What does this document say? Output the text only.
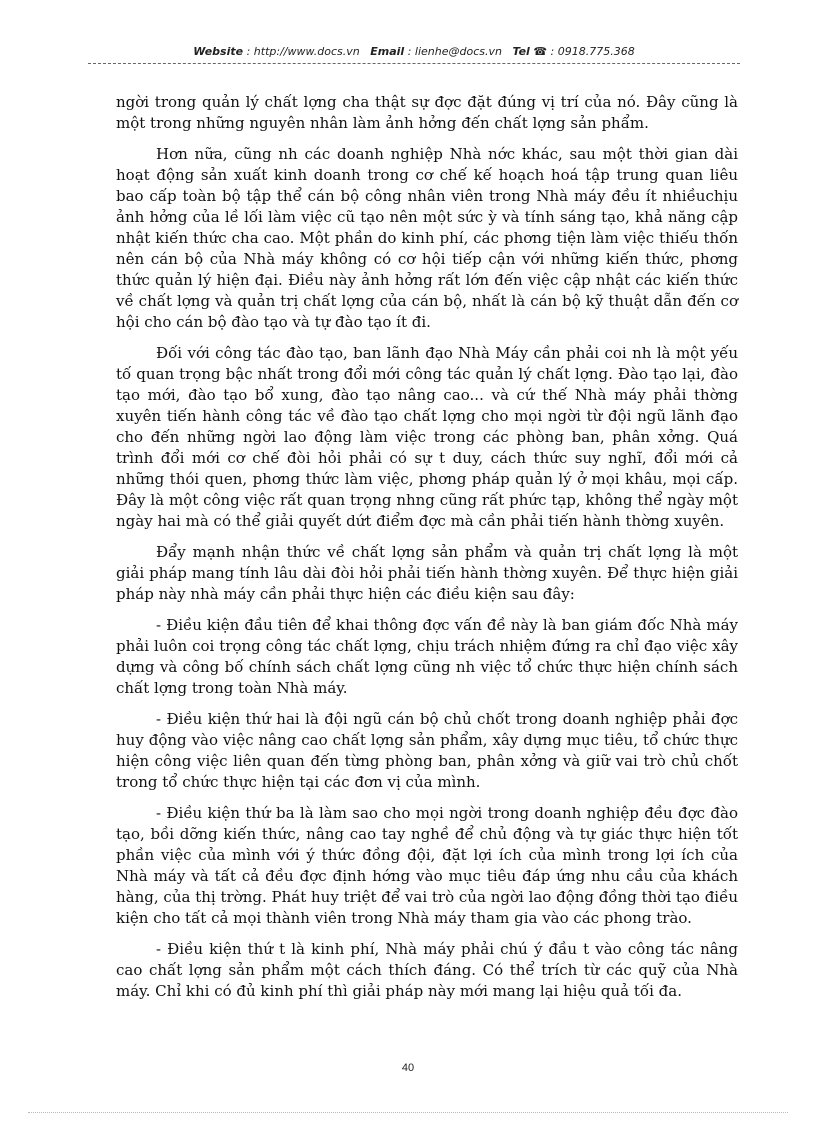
Website : http://www.docs.vn Email : lienhe@docs.vn Tel ☎ : 0918.775.368

ngời trong quản lý chất lợng cha thật sự đợc đặt đúng vị trí của nó. Đây cũng là một trong những nguyên nhân làm ảnh hởng đến chất lợng sản phẩm.

Hơn nữa, cũng nh các doanh nghiệp Nhà nớc khác, sau một thời gian dài hoạt động sản xuất kinh doanh trong cơ chế kế hoạch hoá tập trung quan liêu bao cấp toàn bộ tập thể cán bộ công nhân viên trong Nhà máy đều ít nhiềuchịu ảnh hởng của lề lối làm việc cũ tạo nên một sức ỳ và tính sáng tạo, khả năng cập nhật kiến thức cha cao. Một phần do kinh phí, các phơng tiện làm việc thiếu thốn nên cán bộ của Nhà máy không có cơ hội tiếp cận với những kiến thức, phơng thức quản lý hiện đại. Điều này ảnh hởng rất lớn đến việc cập nhật các kiến thức về chất lợng và quản trị chất lợng của cán bộ, nhất là cán bộ kỹ thuật dẫn đến cơ hội cho cán bộ đào tạo và tự đào tạo ít đi.

Đối với công tác đào tạo, ban lãnh đạo Nhà Máy cần phải coi nh là một yếu tố quan trọng bậc nhất trong đổi mới công tác quản lý chất lợng. Đào tạo lại, đào tạo mới, đào tạo bổ xung, đào tạo nâng cao... và cứ thế Nhà máy phải thờng xuyên tiến hành công tác về đào tạo chất lợng cho mọi ngời từ đội ngũ lãnh đạo cho đến những ngời lao động làm việc trong các phòng ban, phân xởng. Quá trình đổi mới cơ chế đòi hỏi phải có sự t duy, cách thức suy nghĩ, đổi mới cả những thói quen, phơng thức làm việc, phơng pháp quản lý ở mọi khâu, mọi cấp. Đây là một công việc rất quan trọng nhng cũng rất phức tạp, không thể ngày một ngày hai mà có thể giải quyết dứt điểm đợc mà cần phải tiến hành thờng xuyên.

Đẩy mạnh nhận thức về chất lợng sản phẩm và quản trị chất lợng là một giải pháp mang tính lâu dài đòi hỏi phải tiến hành thờng xuyên. Để thực hiện giải pháp này nhà máy cần phải thực hiện các điều kiện sau đây:

- Điều kiện đầu tiên để khai thông đợc vấn đề này là ban giám đốc Nhà máy phải luôn coi trọng công tác chất lợng, chịu trách nhiệm đứng ra chỉ đạo việc xây dựng và công bố chính sách chất lợng cũng nh việc tổ chức thực hiện chính sách chất lợng trong toàn Nhà máy.

- Điều kiện thứ hai là đội ngũ cán bộ chủ chốt trong doanh nghiệp phải đợc huy động vào việc nâng cao chất lợng sản phẩm, xây dựng mục tiêu, tổ chức thực hiện công việc liên quan đến từng phòng ban, phân xởng và giữ vai trò chủ chốt trong tổ chức thực hiện tại các đơn vị của mình.

- Điều kiện thứ ba là làm sao cho mọi ngời trong doanh nghiệp đều đợc đào tạo, bồi dỡng kiến thức, nâng cao tay nghề để chủ động và tự giác thực hiện tốt phần việc của mình với ý thức đồng đội, đặt lợi ích của mình trong lợi ích của Nhà máy và tất cả đều đợc định hớng vào mục tiêu đáp ứng nhu cầu của khách hàng, của thị trờng. Phát huy triệt để vai trò của ngời lao động đồng thời tạo điều kiện cho tất cả mọi thành viên trong Nhà máy tham gia vào các phong trào.

- Điều kiện thứ t là kinh phí, Nhà máy phải chú ý đầu t vào công tác nâng cao chất lợng sản phẩm một cách thích đáng. Có thể trích từ các quỹ của Nhà máy. Chỉ khi có đủ kinh phí thì giải pháp này mới mang lại hiệu quả tối đa.

40
